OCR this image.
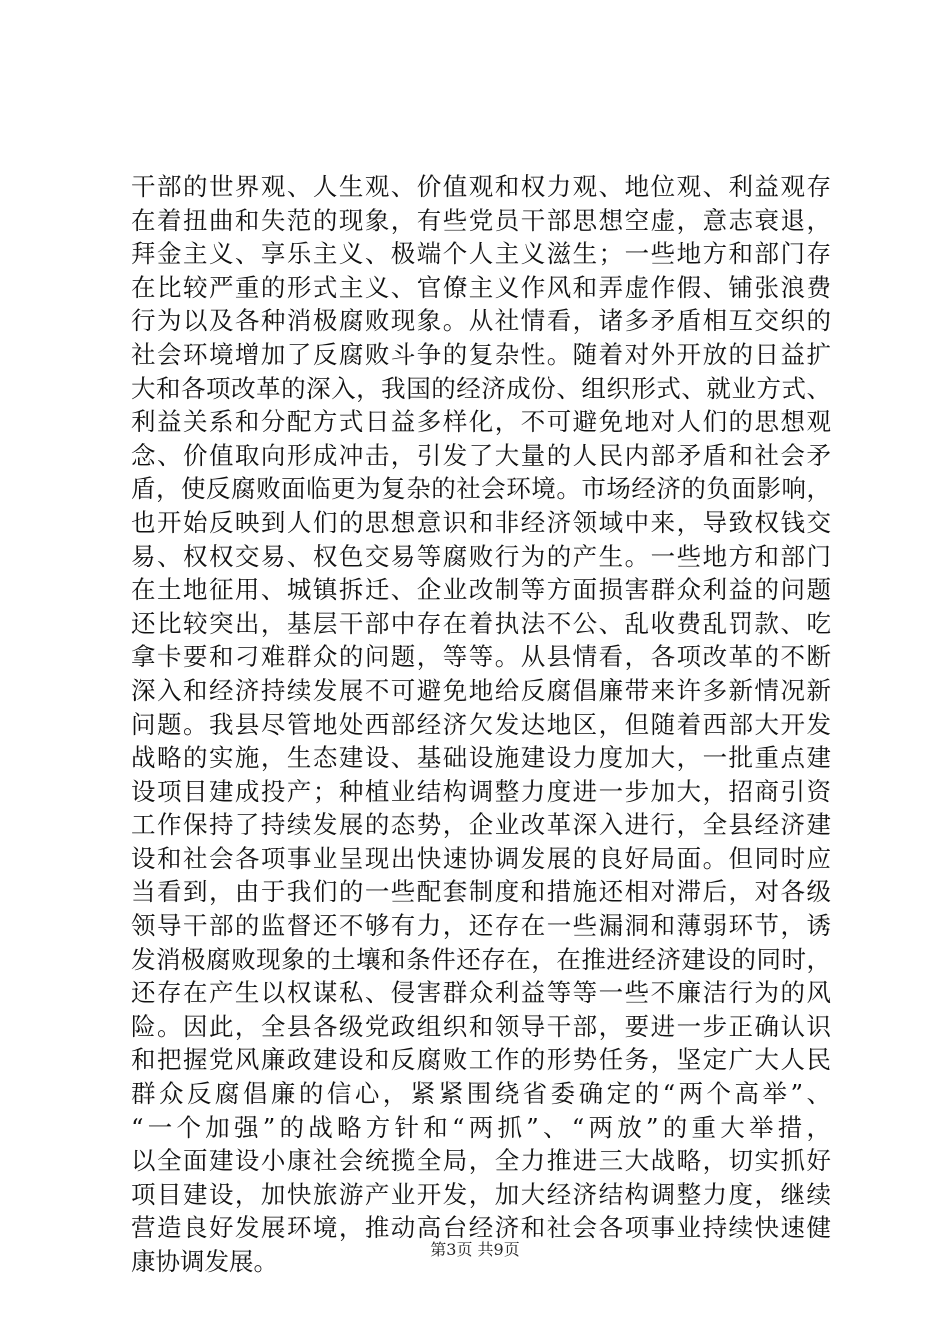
干部的世界观、人生观、价值观和权力观、地位观、利益观存
在着扭曲和失范的现象，有些党员干部思想空虚，意志衰退，
拜金主义、享乐主义、极端个人主义滋生；一些地方和部门存
在比较严重的形式主义、官僚主义作风和弄虚作假、铺张浪费
行为以及各种消极腐败现象。从社情看，诸多矛盾相互交织的
社会环境增加了反腐败斗争的复杂性。随着对外开放的日益扩
大和各项改革的深入，我国的经济成份、组织形式、就业方式、
利益关系和分配方式日益多样化，不可避免地对人们的思想观
念、价值取向形成冲击，引发了大量的人民内部矛盾和社会矛
盾，使反腐败面临更为复杂的社会环境。市场经济的负面影响，
也开始反映到人们的思想意识和非经济领域中来，导致权钱交
易、权权交易、权色交易等腐败行为的产生。一些地方和部门
在土地征用、城镇拆迁、企业改制等方面损害群众利益的问题
还比较突出，基层干部中存在着执法不公、乱收费乱罚款、吃
拿卡要和刁难群众的问题，等等。从县情看，各项改革的不断
深入和经济持续发展不可避免地给反腐倡廉带来许多新情况新
问题。我县尽管地处西部经济欠发达地区，但随着西部大开发
战略的实施，生态建设、基础设施建设力度加大，一批重点建
设项目建成投产；种植业结构调整力度进一步加大，招商引资
工作保持了持续发展的态势，企业改革深入进行，全县经济建
设和社会各项事业呈现出快速协调发展的良好局面。但同时应
当看到，由于我们的一些配套制度和措施还相对滞后，对各级
领导干部的监督还不够有力，还存在一些漏洞和薄弱环节，诱
发消极腐败现象的土壤和条件还存在，在推进经济建设的同时，
还存在产生以权谋私、侵害群众利益等等一些不廉洁行为的风
险。因此，全县各级党政组织和领导干部，要进一步正确认识
和把握党风廉政建设和反腐败工作的形势任务，坚定广大人民
群众反腐倡廉的信心，紧紧围绕省委确定的“两个高举”、
“一个加强”的战略方针和“两抓”、“两放”的重大举措，
以全面建设小康社会统揽全局，全力推进三大战略，切实抓好
项目建设，加快旅游产业开发，加大经济结构调整力度，继续
营造良好发展环境，推动高台经济和社会各项事业持续快速健
康协调发展。	第3页 共9页
